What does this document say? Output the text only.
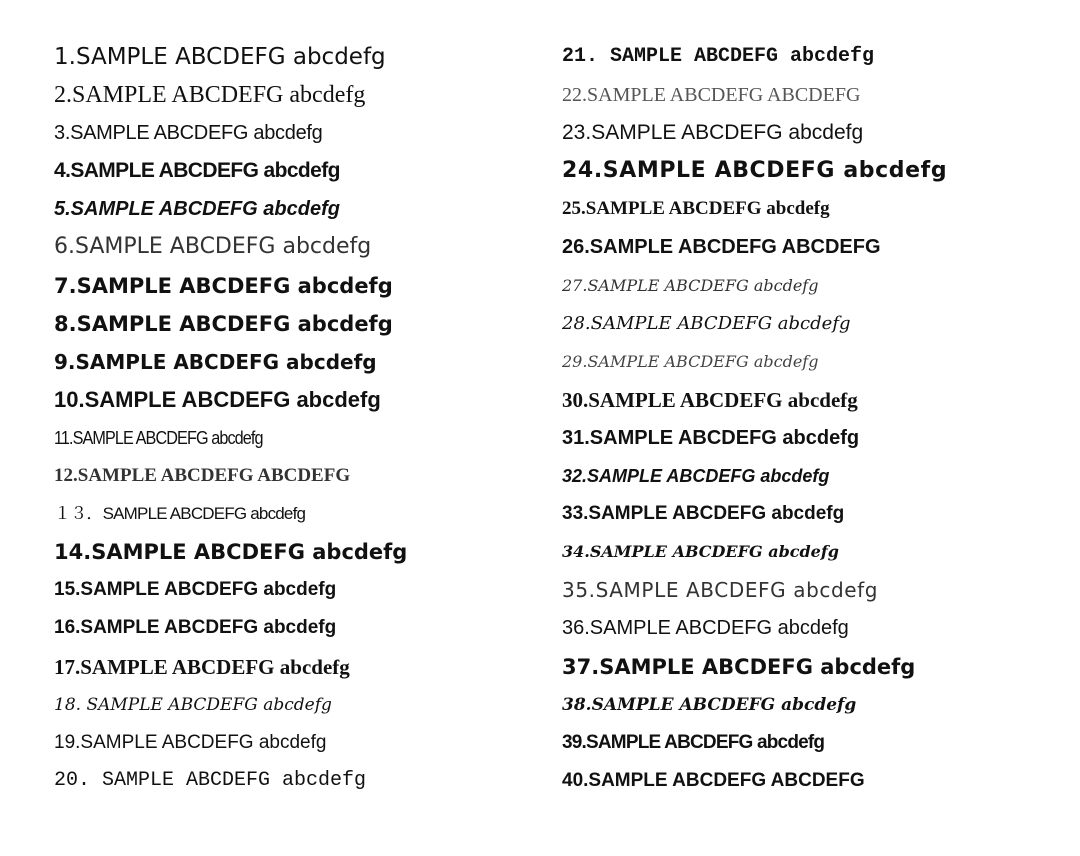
1.SAMPLE ABCDEFG abcdefg
2.SAMPLE ABCDEFG abcdefg
3.SAMPLE ABCDEFG abcdefg
4.SAMPLE ABCDEFG abcdefg
5.SAMPLE ABCDEFG abcdefg
6.SAMPLE ABCDEFG abcdefg
7.SAMPLE ABCDEFG abcdefg
8.SAMPLE ABCDEFG abcdefg
9.SAMPLE ABCDEFG abcdefg
10.SAMPLE ABCDEFG abcdefg
11.SAMPLE ABCDEFG abcdefg
12.SAMPLE ABCDEFG ABCDEFG
１３．SAMPLE ABCDEFG abcdefg
14.SAMPLE ABCDEFG abcdefg
15.SAMPLE ABCDEFG abcdefg
16.SAMPLE ABCDEFG abcdefg
17.SAMPLE ABCDEFG abcdefg
18. SAMPLE ABCDEFG abcdefg
19.SAMPLE ABCDEFG abcdefg
20. SAMPLE ABCDEFG abcdefg
21. SAMPLE ABCDEFG abcdefg
22.SAMPLE ABCDEFG ABCDEFG
23.SAMPLE ABCDEFG abcdefg
24.SAMPLE ABCDEFG abcdefg
25.SAMPLE ABCDEFG abcdefg
26.SAMPLE ABCDEFG ABCDEFG
27.SAMPLE ABCDEFG abcdefg
28.SAMPLE ABCDEFG abcdefg
29.SAMPLE ABCDEFG abcdefg
30.SAMPLE ABCDEFG abcdefg
31.SAMPLE ABCDEFG abcdefg
32.SAMPLE ABCDEFG abcdefg
33.SAMPLE ABCDEFG abcdefg
34.SAMPLE ABCDEFG abcdefg
35.SAMPLE ABCDEFG abcdefg
36.SAMPLE ABCDEFG abcdefg
37.SAMPLE ABCDEFG abcdefg
38.SAMPLE ABCDEFG abcdefg
39.SAMPLE ABCDEFG abcdefg
40.SAMPLE ABCDEFG ABCDEFG
